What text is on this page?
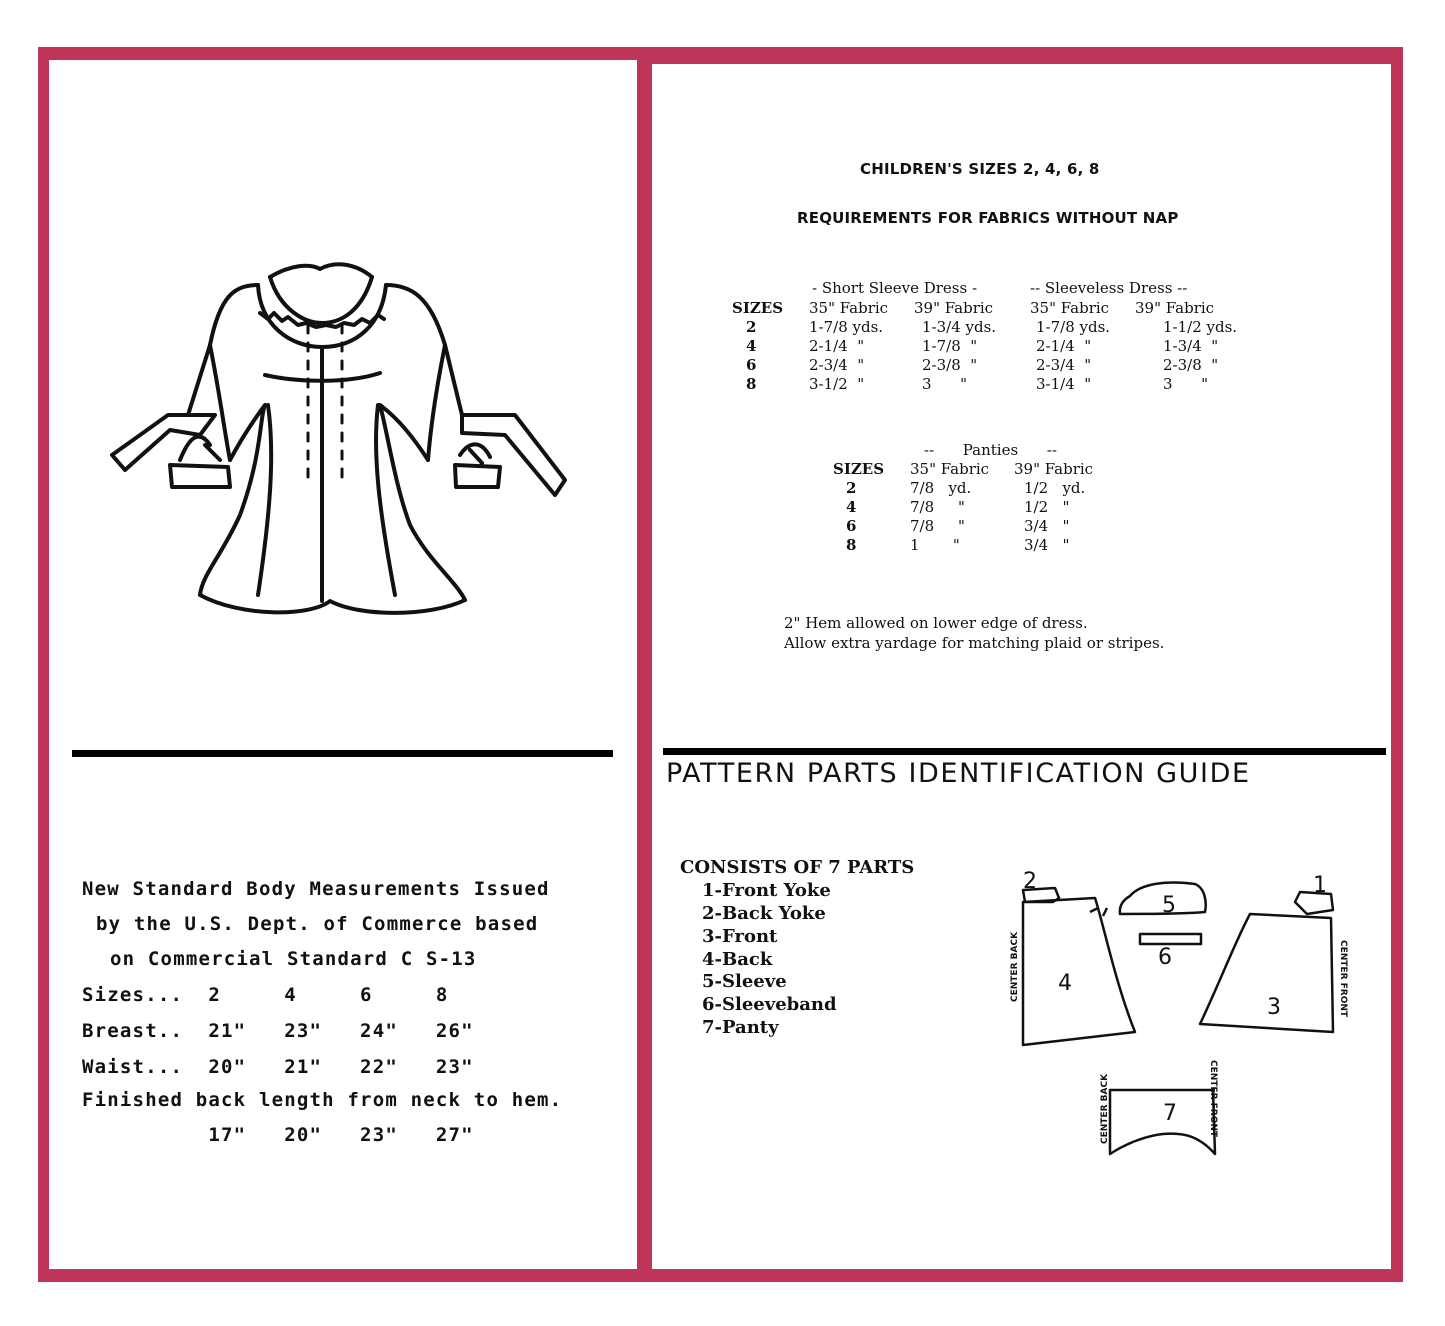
New Standard Body Measurements Issued
by the U.S. Dept. of Commerce based
on Commercial Standard C S-13
Sizes...  2     4     6     8
Breast..  21"   23"   24"   26"
Waist...  20"   21"   22"   23"
Finished back length from neck to hem.
17"   20"   23"   27"
CHILDREN'S SIZES 2, 4, 6, 8
REQUIREMENTS FOR FABRICS WITHOUT NAP
- Short Sleeve Dress -	-- Sleeveless Dress --
SIZES 35" Fabric 39" Fabric 35" Fabric 39" Fabric
2	1-7/8 yds.	1-3/4 yds.	1-7/8 yds.	1-1/2 yds.
4	2-1/4  "	1-7/8  "	2-1/4  "	1-3/4  "
6	2-3/4  "	2-3/8  "	2-3/4  "	2-3/8  "
8	3-1/2  "	3      "	3-1/4  "	3      "
--      Panties      --
SIZES 35" Fabric 39" Fabric
2	7/8   yd.	1/2   yd.
4	7/8     "	1/2   "
6	7/8     "	3/4   "
8	1       "	3/4   "
2" Hem allowed on lower edge of dress.
Allow extra yardage for matching plaid or stripes.
PATTERN PARTS IDENTIFICATION GUIDE
CONSISTS OF 7 PARTS
1-Front Yoke
2-Back Yoke
3-Front
4-Back
5-Sleeve
6-Sleeveband
7-Panty
1
2
3
4
5
6
7
CENTER BACK	CENTER FRONT
CENTER BACK	CENTER FRONT
